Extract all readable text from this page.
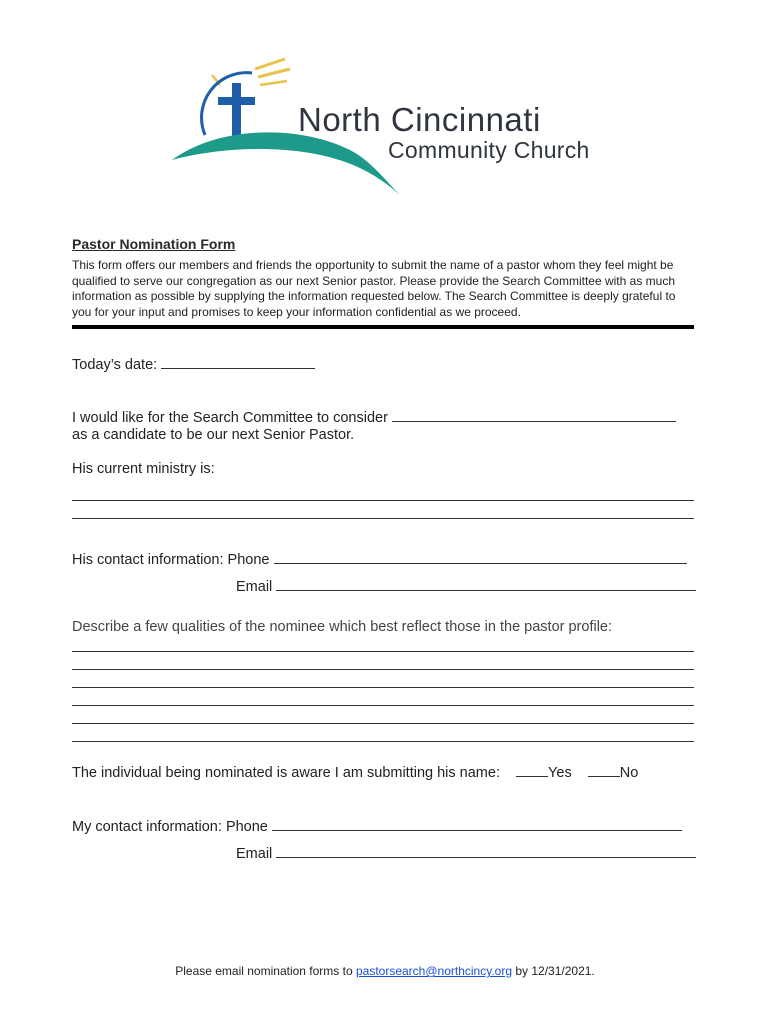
North Cincinnati
Community Church
Pastor Nomination Form
This form offers our members and friends the opportunity to submit the name of a pastor whom they feel might be qualified to serve our congregation as our next Senior pastor. Please provide the Search Committee with as much information as possible by supplying the information requested below. The Search Committee is deeply grateful to you for your input and promises to keep your information confidential as we proceed.
Today’s date:
I would like for the Search Committee to consider
as a candidate to be our next Senior Pastor.
His current ministry is:
His contact information: Phone
Email
Describe a few qualities of the nominee which best reflect those in the pastor profile:
The individual being nominated is aware I am submitting his name:	Yes	No
My contact information: Phone
Email
Please email nomination forms to pastorsearch@northcincy.org by 12/31/2021.
